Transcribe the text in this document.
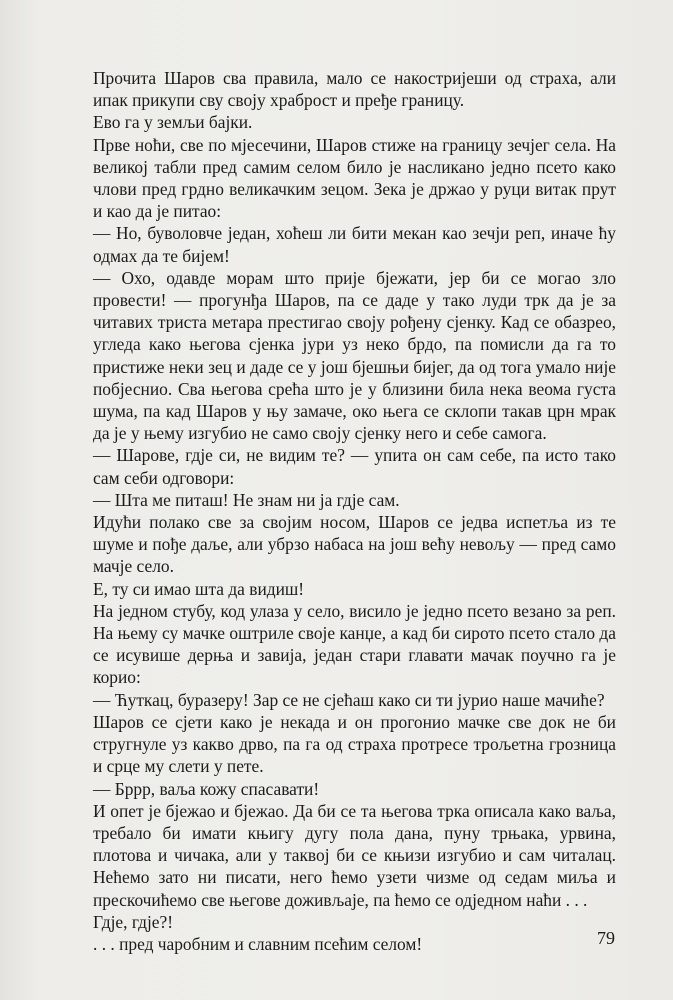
Прочита Шаров сва правила, мало се накостријеши од страха, али ипак прикупи сву своју храброст и пређе границу.

Ево га у земљи бајки.

Прве ноћи, све по мјесечини, Шаров стиже на границу зечјег села. На великој табли пред самим селом било је насликано једно псето како члови пред грдно великачким зецом. Зека је држао у руци витак прут и као да је питао:

— Но, буволовче један, хоћеш ли бити мекан као зечји реп, иначе ћу одмах да те бијем!

— Охо, одавде морам што прије бјежати, јер би се могао зло провести! — прогунђа Шаров, па се даде у тако луди трк да је за читавих триста метара престигао своју рођену сјенку. Кад се обазрео, угледа како његова сјенка јури уз неко брдо, па помисли да га то пристиже неки зец и даде се у још бјешњи бијег, да од тога умало није побјеснио. Сва његова срећа што је у близини била нека веома густа шума, па кад Шаров у њу замаче, око њега се склопи такав црн мрак да је у њему изгубио не само своју сјенку него и себе самога.

— Шарове, гдје си, не видим те? — упита он сам себе, па исто тако сам себи одговори:

— Шта ме питаш! Не знам ни ја гдје сам.

Идући полако све за својим носом, Шаров се једва испетља из те шуме и пође даље, али убрзо набаса на још већу невољу — пред само мачје село.

Е, ту си имао шта да видиш!

На једном стубу, код улаза у село, висило је једно псето везано за реп. На њему су мачке оштриле своје канџе, а кад би сирото псето стало да се исувише дерња и завија, један стари главати мачак поучно га је корио:

— Ћуткац, буразеру! Зар се не сјећаш како си ти јурио наше мачиће?

Шаров се сјети како је некада и он прогонио мачке све док не би стругнуле уз какво дрво, па га од страха протресе трољетна грозница и срце му слети у пете.

— Бррр, ваља кожу спасавати!

И опет је бјежао и бјежао. Да би се та његова трка описала како ваља, требало би имати књигу дугу пола дана, пуну трњака, урвина, плотова и чичака, али у таквој би се књизи изгубио и сам читалац. Нећемо зато ни писати, него ћемо узети чизме од седам миља и прескочићемо све његове доживљаје, па ћемо се одједном наћи . . .

Гдје, гдје?!

. . . пред чаробним и славним псећим селом!	79
